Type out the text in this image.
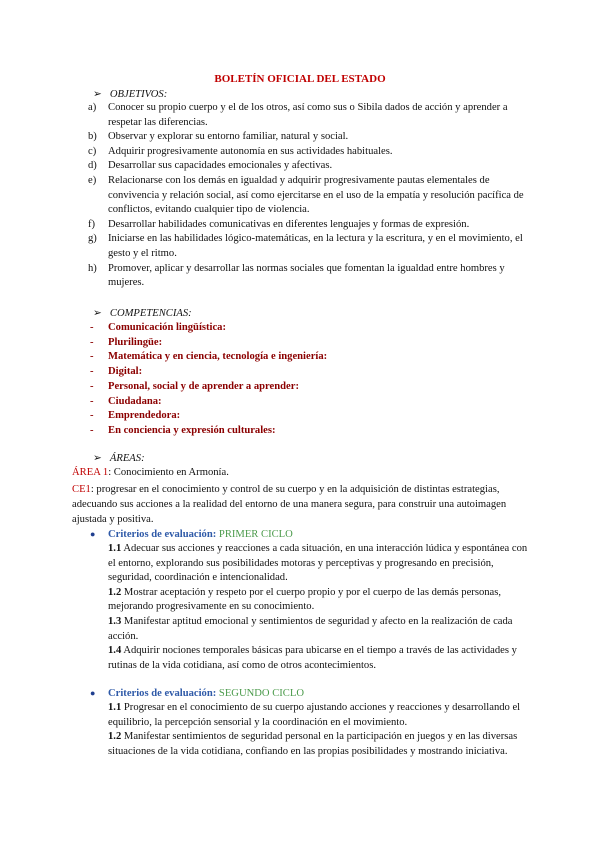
BOLETÍN OFICIAL DEL ESTADO
➢ OBJETIVOS:
a) Conocer su propio cuerpo y el de los otros, así como sus o Sibila dados de acción y aprender a respetar las diferencias.
b) Observar y explorar su entorno familiar, natural y social.
c) Adquirir progresivamente autonomía en sus actividades habituales.
d) Desarrollar sus capacidades emocionales y afectivas.
e) Relacionarse con los demás en igualdad y adquirir progresivamente pautas elementales de convivencia y relación social, así como ejercitarse en el uso de la empatía y resolución pacífica de conflictos, evitando cualquier tipo de violencia.
f) Desarrollar habilidades comunicativas en diferentes lenguajes y formas de expresión.
g) Iniciarse en las habilidades lógico-matemáticas, en la lectura y la escritura, y en el movimiento, el gesto y el ritmo.
h) Promover, aplicar y desarrollar las normas sociales que fomentan la igualdad entre hombres y mujeres.
➢ COMPETENCIAS:
- Comunicación lingüística:
- Plurilingüe:
- Matemática y en ciencia, tecnología e ingeniería:
- Digital:
- Personal, social y de aprender a aprender:
- Ciudadana:
- Emprendedora:
- En conciencia y expresión culturales:
➢ ÁREAS:
ÁREA 1: Conocimiento en Armonía.
CE1: progresar en el conocimiento y control de su cuerpo y en la adquisición de distintas estrategias, adecuando sus acciones a la realidad del entorno de una manera segura, para construir una autoimagen ajustada y positiva.
● Criterios de evaluación: PRIMER CICLO
1.1 Adecuar sus acciones y reacciones a cada situación, en una interacción lúdica y espontánea con el entorno, explorando sus posibilidades motoras y perceptivas y progresando en precisión, seguridad, coordinación e intencionalidad.
1.2 Mostrar aceptación y respeto por el cuerpo propio y por el cuerpo de las demás personas, mejorando progresivamente en su conocimiento.
1.3 Manifestar aptitud emocional y sentimientos de seguridad y afecto en la realización de cada acción.
1.4 Adquirir nociones temporales básicas para ubicarse en el tiempo a través de las actividades y rutinas de la vida cotidiana, así como de otros acontecimientos.
● Criterios de evaluación: SEGUNDO CICLO
1.1 Progresar en el conocimiento de su cuerpo ajustando acciones y reacciones y desarrollando el equilibrio, la percepción sensorial y la coordinación en el movimiento.
1.2 Manifestar sentimientos de seguridad personal en la participación en juegos y en las diversas situaciones de la vida cotidiana, confiando en las propias posibilidades y mostrando iniciativa.
